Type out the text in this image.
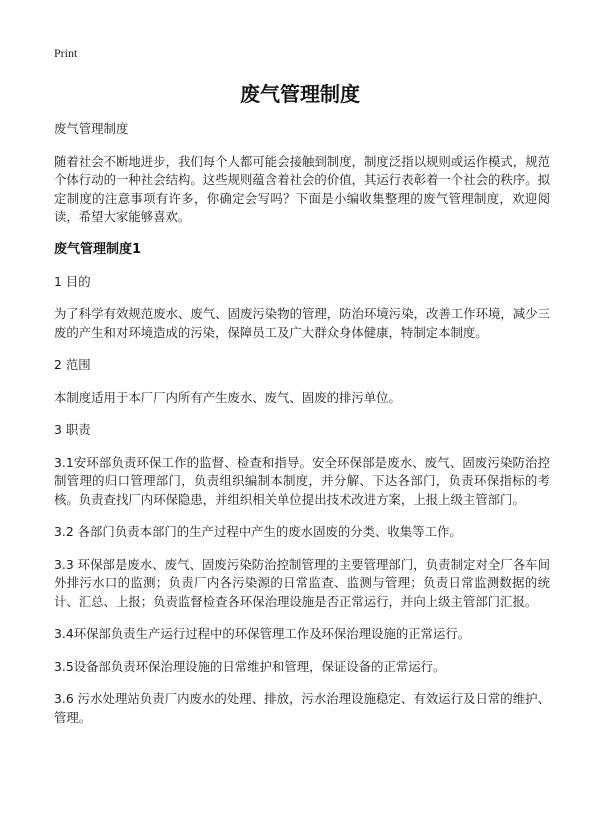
Print

废气管理制度

废气管理制度

随着社会不断地进步，我们每个人都可能会接触到制度，制度泛指以规则或运作模式，规范个体行动的一种社会结构。这些规则蕴含着社会的价值，其运行表彰着一个社会的秩序。拟定制度的注意事项有许多，你确定会写吗？下面是小编收集整理的废气管理制度，欢迎阅读，希望大家能够喜欢。

废气管理制度1

1 目的

为了科学有效规范废水、废气、固废污染物的管理，防治环境污染，改善工作环境，减少三废的产生和对环境造成的污染，保障员工及广大群众身体健康，特制定本制度。

2 范围

本制度适用于本厂厂内所有产生废水、废气、固废的排污单位。

3 职责

3.1安环部负责环保工作的监督、检查和指导。安全环保部是废水、废气、固废污染防治控制管理的归口管理部门，负责组织编制本制度，并分解、下达各部门，负责环保指标的考核。负责查找厂内环保隐患，并组织相关单位提出技术改进方案，上报上级主管部门。

3.2 各部门负责本部门的生产过程中产生的废水固废的分类、收集等工作。

3.3 环保部是废水、废气、固废污染防治控制管理的主要管理部门，负责制定对全厂各车间外排污水口的监测；负责厂内各污染源的日常监查、监测与管理；负责日常监测数据的统计、汇总、上报；负责监督检查各环保治理设施是否正常运行，并向上级主管部门汇报。

3.4环保部负责生产运行过程中的环保管理工作及环保治理设施的正常运行。

3.5设备部负责环保治理设施的日常维护和管理，保证设备的正常运行。

3.6 污水处理站负责厂内废水的处理、排放，污水治理设施稳定、有效运行及日常的维护、管理。
